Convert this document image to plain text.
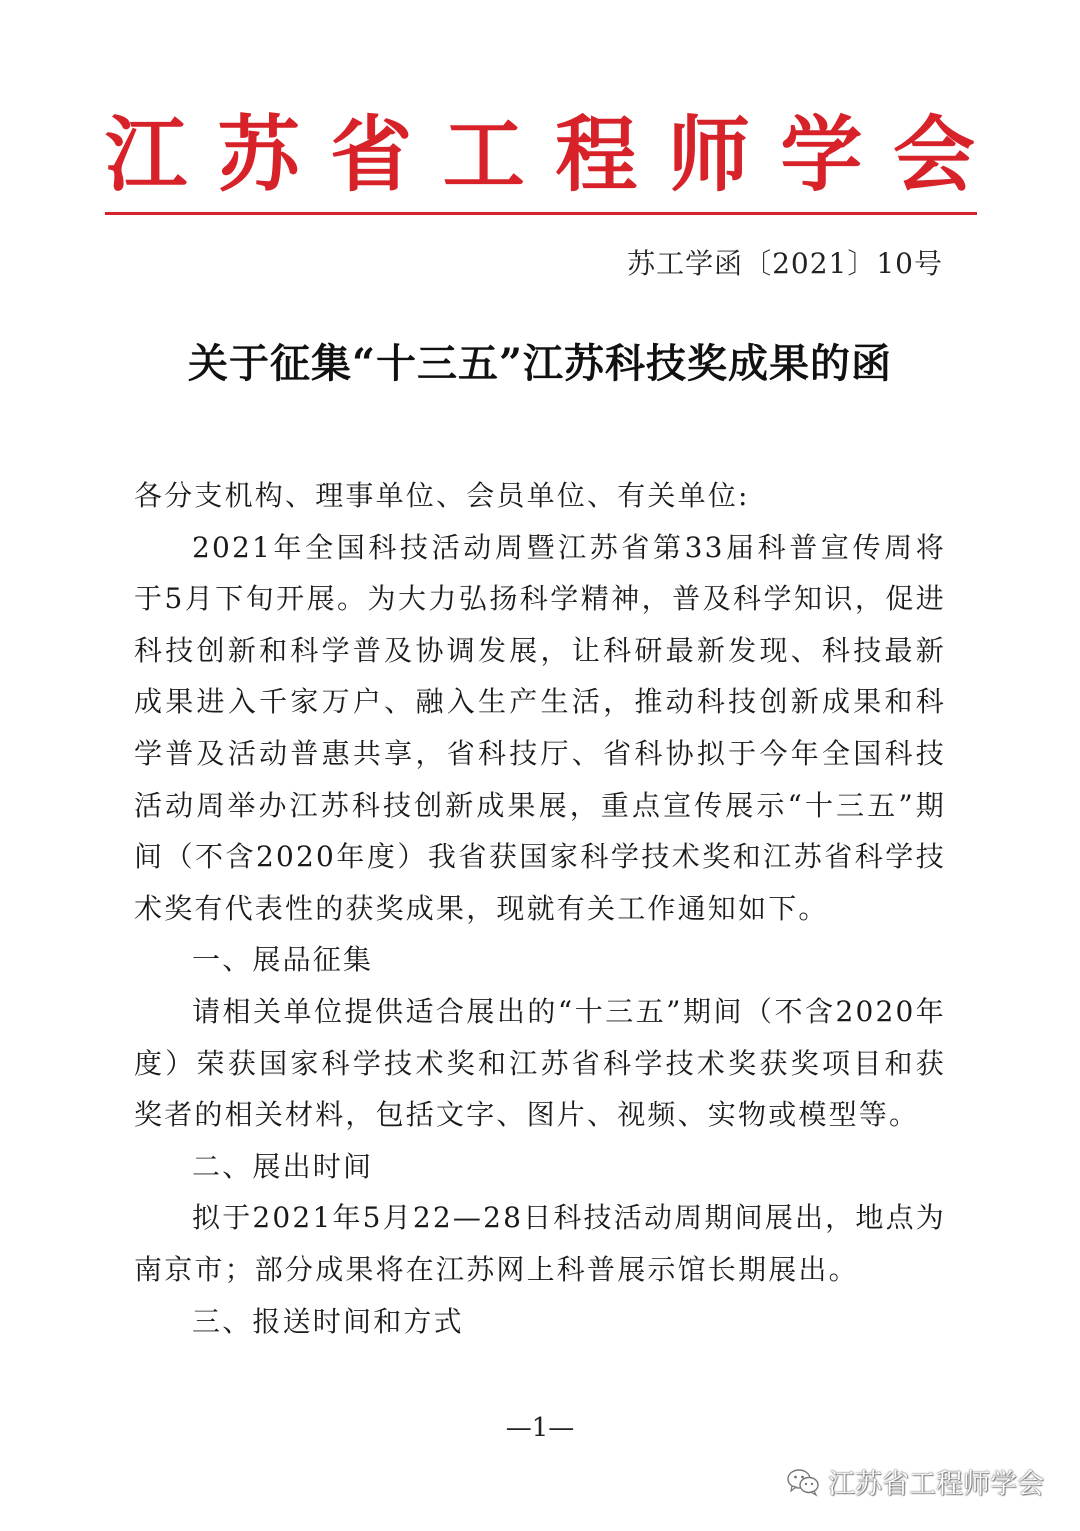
江 苏 省 工 程 师 学 会
苏工学函〔2021〕10号
关于征集“十三五”江苏科技奖成果的函

各分支机构、理事单位、会员单位、有关单位:

2021年全国科技活动周暨江苏省第33届科普宣传周将于5月下旬开展。为大力弘扬科学精神，普及科学知识，促进科技创新和科学普及协调发展，让科研最新发现、科技最新成果进入千家万户、融入生产生活，推动科技创新成果和科学普及活动普惠共享，省科技厅、省科协拟于今年全国科技活动周举办江苏科技创新成果展，重点宣传展示“十三五”期间（不含2020年度）我省获国家科学技术奖和江苏省科学技术奖有代表性的获奖成果，现就有关工作通知如下。

一、展品征集

请相关单位提供适合展出的“十三五”期间（不含2020年度）荣获国家科学技术奖和江苏省科学技术奖获奖项目和获奖者的相关材料，包括文字、图片、视频、实物或模型等。

二、展出时间

拟于2021年5月22—28日科技活动周期间展出，地点为南京市；部分成果将在江苏网上科普展示馆长期展出。

三、报送时间和方式

—1—
江苏省工程师学会
